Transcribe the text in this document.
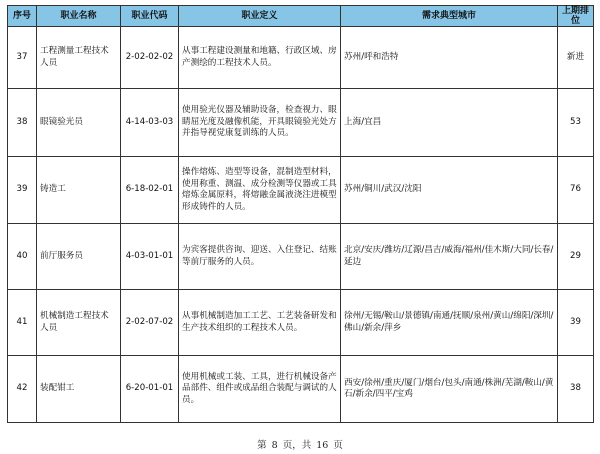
序号	职业名称	职业代码	职业定义	需求典型城市	上期排位
37	工程测量工程技术人员	2-02-02-02	从事工程建设测量和地籍、行政区域、房产测绘的工程技术人员。	苏州/呼和浩特	新进
38	眼镜验光员	4-14-03-03	使用验光仪器及辅助设备，检查视力、眼睛屈光度及融像机能，开具眼镜验光处方并指导视觉康复训练的人员。	上海/宜昌	53
39	铸造工	6-18-02-01	操作熔炼、造型等设备，混制造型材料，使用称重、测温、成分检测等仪器或工具熔炼金属原料，将熔融金属液浇注进模型形成铸件的人员。	苏州/铜川/武汉/沈阳	76
40	前厅服务员	4-03-01-01	为宾客提供咨询、迎送、入住登记、结账等前厅服务的人员。	北京/安庆/潍坊/辽源/昌吉/威海/福州/佳木斯/大同/长春/延边	29
41	机械制造工程技术人员	2-02-07-02	从事机械制造加工工艺、工艺装备研发和生产技术组织的工程技术人员。	徐州/无锡/鞍山/景德镇/南通/抚顺/泉州/黄山/绵阳/深圳/佛山/新余/萍乡	39
42	装配钳工	6-20-01-01	使用机械或工装、工具，进行机械设备产品部件、组件或成品组合装配与调试的人员。	西安/徐州/重庆/厦门/烟台/包头/南通/株洲/芜湖/鞍山/黄石/新余/四平/宝鸡	38
第 8 页，共 16 页
